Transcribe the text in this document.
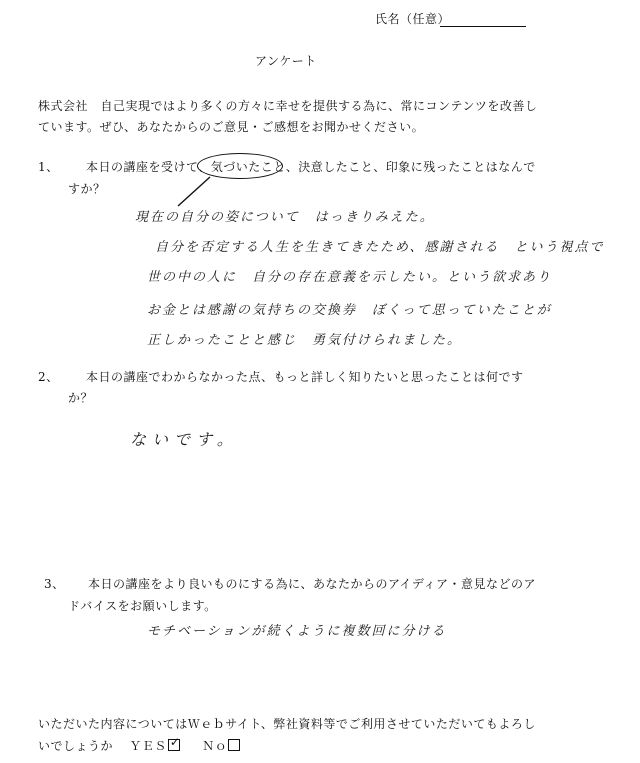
氏名（任意）
アンケート
株式会社　自己実現ではより多くの方々に幸せを提供する為に、常にコンテンツを改善し
ています。ぜひ、あなたからのご意見・ご感想をお聞かせください。
1、 本日の講座を受けて、気づいたこと、決意したこと、印象に残ったことはなんで
すか？
現在の自分の姿について　はっきりみえた。
自分を否定する人生を生きてきたため、感謝される　という視点で
世の中の人に　自分の存在意義を示したい。という欲求あり
お金とは感謝の気持ちの交換券　ぼくって思っていたことが
正しかったことと感じ　勇気付けられました。
2、 本日の講座でわからなかった点、もっと詳しく知りたいと思ったことは何です
か？
ないです。
3、 本日の講座をより良いものにする為に、あなたからのアイディア・意見などのア
ドバイスをお願いします。
モチベーションが続くように複数回に分ける
いただいた内容についてはＷｅｂサイト、弊社資料等でご利用させていただいてもよろし
いでしょうか ＹＥＳ ✓ Ｎｏ
